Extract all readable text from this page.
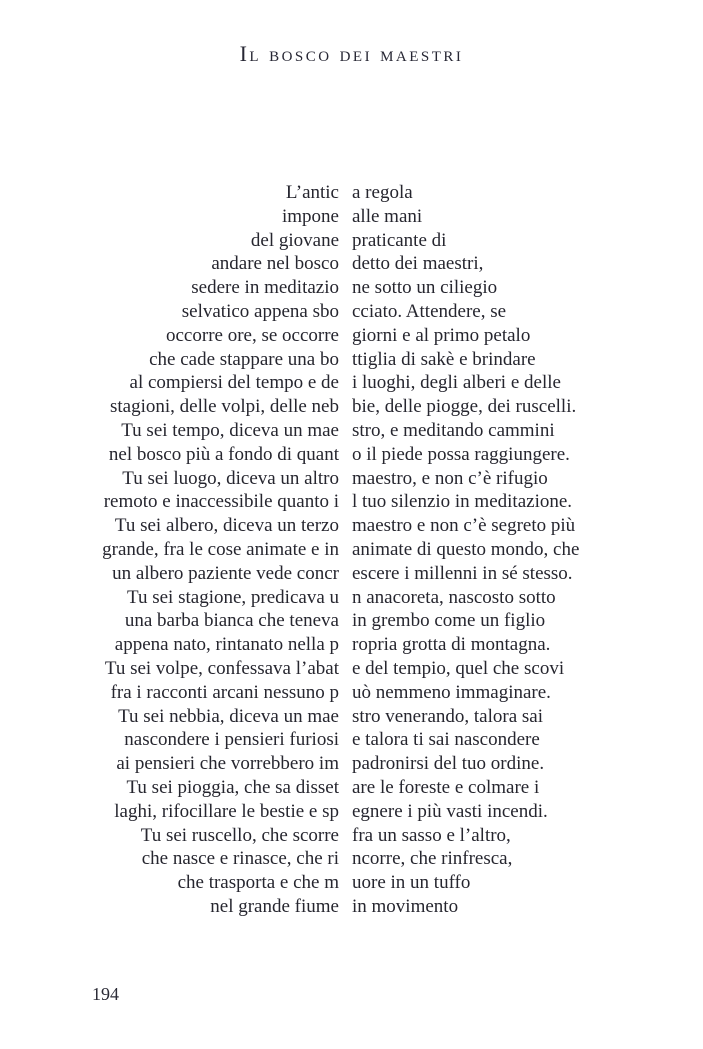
Il bosco dei maestri
L’antic a regola
impone alle mani
del giovane praticante di
andare nel bosco detto dei maestri,
sedere in meditazio ne sotto un ciliegio
selvatico appena sbo cciato. Attendere, se
occorre ore, se occorre giorni e al primo petalo
che cade stappare una bo ttiglia di sakè e brindare
al compiersi del tempo e de i luoghi, degli alberi e delle
stagioni, delle volpi, delle neb bie, delle piogge, dei ruscelli.
Tu sei tempo, diceva un mae stro, e meditando cammini
nel bosco più a fondo di quant o il piede possa raggiungere.
Tu sei luogo, diceva un altro maestro, e non c’è rifugio
remoto e inaccessibile quanto i l tuo silenzio in meditazione.
Tu sei albero, diceva un terzo maestro e non c’è segreto più
grande, fra le cose animate e in animate di questo mondo, che
un albero paziente vede concr escere i millenni in sé stesso.
Tu sei stagione, predicava u n anacoreta, nascosto sotto
una barba bianca che teneva in grembo come un figlio
appena nato, rintanato nella p ropria grotta di montagna.
Tu sei volpe, confessava l’abat e del tempio, quel che scovi
fra i racconti arcani nessuno p uò nemmeno immaginare.
Tu sei nebbia, diceva un mae stro venerando, talora sai
nascondere i pensieri furiosi e talora ti sai nascondere
ai pensieri che vorrebbero im padronirsi del tuo ordine.
Tu sei pioggia, che sa disset are le foreste e colmare i
laghi, rifocillare le bestie e sp egnere i più vasti incendi.
Tu sei ruscello, che scorre fra un sasso e l’altro,
che nasce e rinasce, che ri ncorre, che rinfresca,
che trasporta e che m uore in un tuffo
nel grande fiume in movimento
194
